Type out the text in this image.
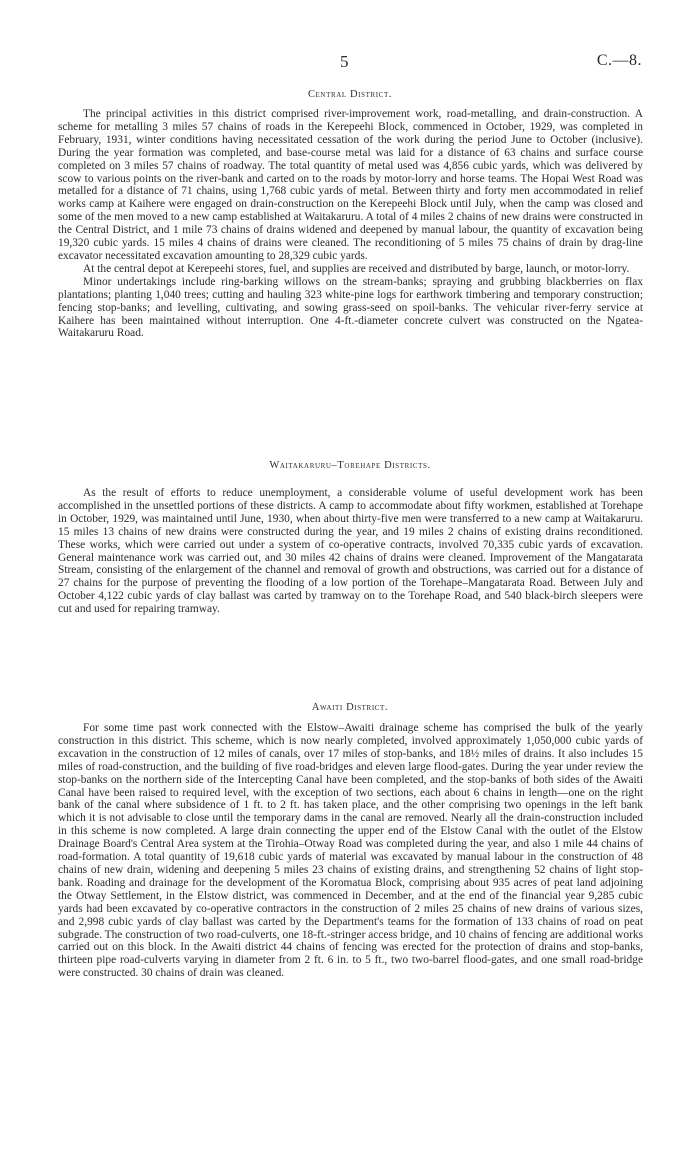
5	C.—8.
Central District.

The principal activities in this district comprised river-improvement work, road-metalling, and drain-construction. A scheme for metalling 3 miles 57 chains of roads in the Kerepeehi Block, commenced in October, 1929, was completed in February, 1931, winter conditions having necessitated cessation of the work during the period June to October (inclusive). During the year formation was completed, and base-course metal was laid for a distance of 63 chains and surface course completed on 3 miles 57 chains of roadway. The total quantity of metal used was 4,856 cubic yards, which was delivered by scow to various points on the river-bank and carted on to the roads by motor-lorry and horse teams. The Hopai West Road was metalled for a distance of 71 chains, using 1,768 cubic yards of metal. Between thirty and forty men accommodated in relief works camp at Kaihere were engaged on drain-construction on the Kerepeehi Block until July, when the camp was closed and some of the men moved to a new camp established at Waitakaruru. A total of 4 miles 2 chains of new drains were constructed in the Central District, and 1 mile 73 chains of drains widened and deepened by manual labour, the quantity of excavation being 19,320 cubic yards. 15 miles 4 chains of drains were cleaned. The reconditioning of 5 miles 75 chains of drain by drag-line excavator necessitated excavation amounting to 28,329 cubic yards.

At the central depot at Kerepeehi stores, fuel, and supplies are received and distributed by barge, launch, or motor-lorry.

Minor undertakings include ring-barking willows on the stream-banks; spraying and grubbing blackberries on flax plantations; planting 1,040 trees; cutting and hauling 323 white-pine logs for earthwork timbering and temporary construction; fencing stop-banks; and levelling, cultivating, and sowing grass-seed on spoil-banks. The vehicular river-ferry service at Kaihere has been maintained without interruption. One 4-ft.-diameter concrete culvert was constructed on the Ngatea-Waitakaruru Road.

Waitakaruru–Torehape Districts.

As the result of efforts to reduce unemployment, a considerable volume of useful development work has been accomplished in the unsettled portions of these districts. A camp to accommodate about fifty workmen, established at Torehape in October, 1929, was maintained until June, 1930, when about thirty-five men were transferred to a new camp at Waitakaruru. 15 miles 13 chains of new drains were constructed during the year, and 19 miles 2 chains of existing drains reconditioned. These works, which were carried out under a system of co-operative contracts, involved 70,335 cubic yards of excavation. General maintenance work was carried out, and 30 miles 42 chains of drains were cleaned. Improvement of the Mangatarata Stream, consisting of the enlargement of the channel and removal of growth and obstructions, was carried out for a distance of 27 chains for the purpose of preventing the flooding of a low portion of the Torehape–Mangatarata Road. Between July and October 4,122 cubic yards of clay ballast was carted by tramway on to the Torehape Road, and 540 black-birch sleepers were cut and used for repairing tramway.

Awaiti District.

For some time past work connected with the Elstow–Awaiti drainage scheme has comprised the bulk of the yearly construction in this district. This scheme, which is now nearly completed, involved approximately 1,050,000 cubic yards of excavation in the construction of 12 miles of canals, over 17 miles of stop-banks, and 18½ miles of drains. It also includes 15 miles of road-construction, and the building of five road-bridges and eleven large flood-gates. During the year under review the stop-banks on the northern side of the Intercepting Canal have been completed, and the stop-banks of both sides of the Awaiti Canal have been raised to required level, with the exception of two sections, each about 6 chains in length—one on the right bank of the canal where subsidence of 1 ft. to 2 ft. has taken place, and the other comprising two openings in the left bank which it is not advisable to close until the temporary dams in the canal are removed. Nearly all the drain-construction included in this scheme is now completed. A large drain connecting the upper end of the Elstow Canal with the outlet of the Elstow Drainage Board's Central Area system at the Tirohia–Otway Road was completed during the year, and also 1 mile 44 chains of road-formation. A total quantity of 19,618 cubic yards of material was excavated by manual labour in the construction of 48 chains of new drain, widening and deepening 5 miles 23 chains of existing drains, and strengthening 52 chains of light stop-bank. Roading and drainage for the development of the Koromatua Block, comprising about 935 acres of peat land adjoining the Otway Settlement, in the Elstow district, was commenced in December, and at the end of the financial year 9,285 cubic yards had been excavated by co-operative contractors in the construction of 2 miles 25 chains of new drains of various sizes, and 2,998 cubic yards of clay ballast was carted by the Department's teams for the formation of 133 chains of road on peat subgrade. The construction of two road-culverts, one 18-ft.-stringer access bridge, and 10 chains of fencing are additional works carried out on this block. In the Awaiti district 44 chains of fencing was erected for the protection of drains and stop-banks, thirteen pipe road-culverts varying in diameter from 2 ft. 6 in. to 5 ft., two two-barrel flood-gates, and one small road-bridge were constructed. 30 chains of drain was cleaned.
